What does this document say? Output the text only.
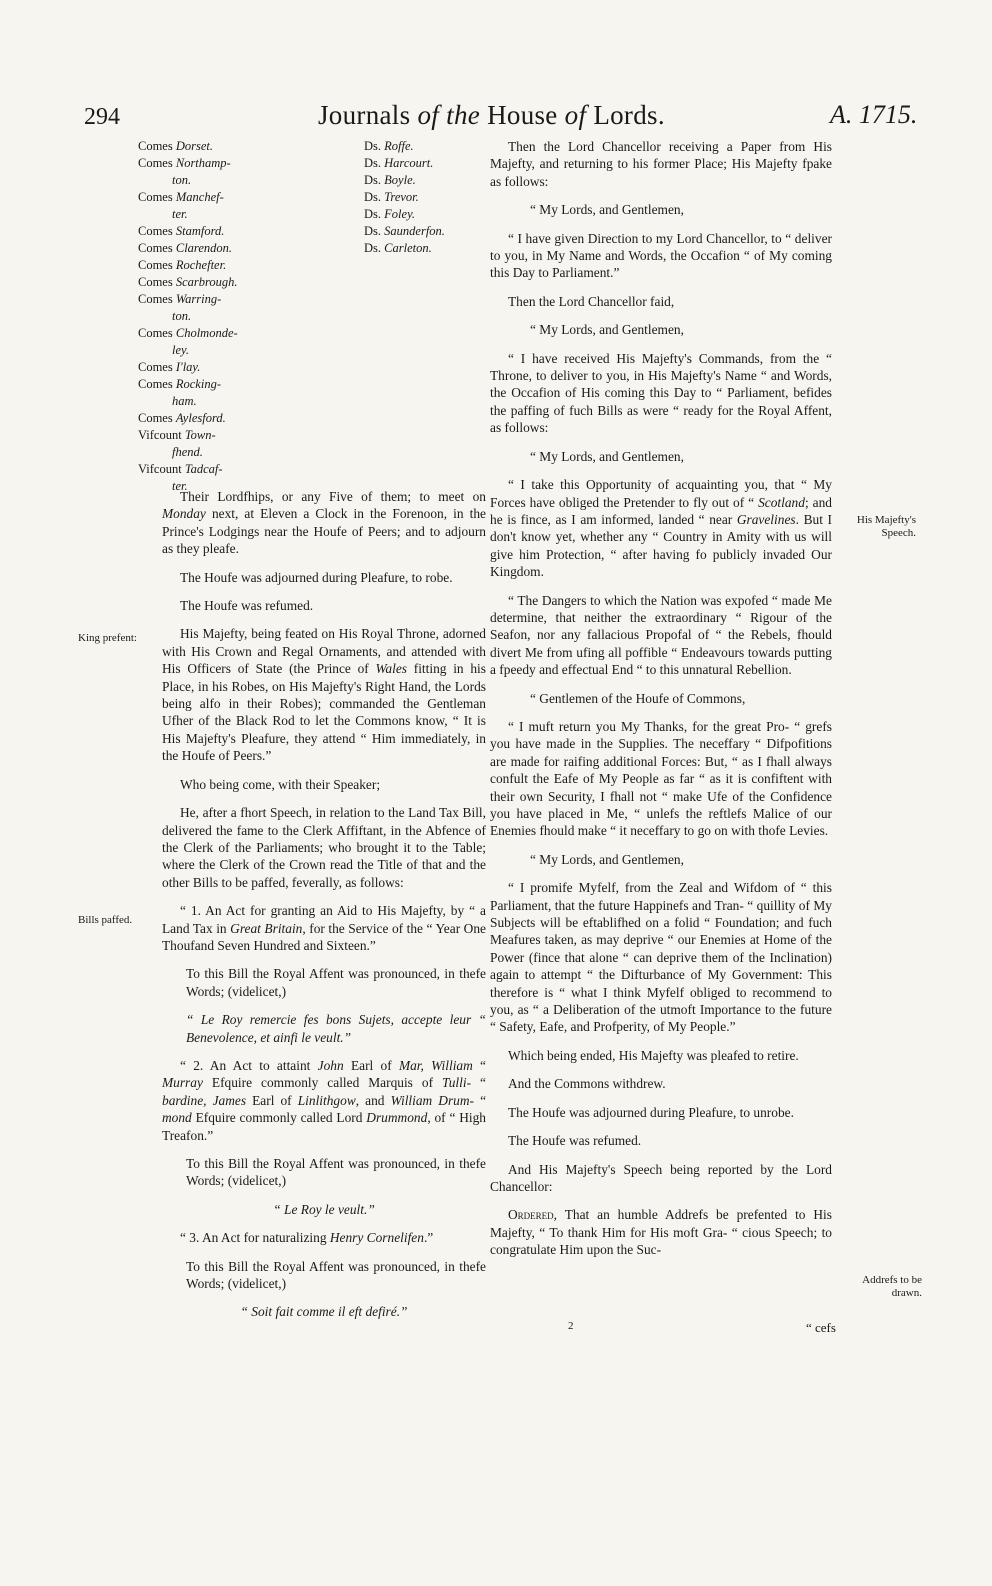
294	Journals of the House of Lords.	A. 1715.
Comes Dorset.
Comes Northamp-
ton.
Comes Manchef-
ter.
Comes Stamford.
Comes Clarendon.
Comes Rochefter.
Comes Scarbrough.
Comes Warring-
ton.
Comes Cholmonde-
ley.
Comes I'lay.
Comes Rocking-
ham.
Comes Aylesford.
Vifcount Town-
fhend.
Vifcount Tadcaf-
ter.
Ds. Roffe.
Ds. Harcourt.
Ds. Boyle.
Ds. Trevor.
Ds. Foley.
Ds. Saunderfon.
Ds. Carleton.

Their Lordfhips, or any Five of them; to meet on Monday next, at Eleven a Clock in the Forenoon, in the Prince's Lodgings near the Houfe of Peers; and to adjourn as they pleafe.

The Houfe was adjourned during Pleafure, to robe.

The Houfe was refumed.

His Majefty, being feated on His Royal Throne, adorned with His Crown and Regal Ornaments, and attended with His Officers of State (the Prince of Wales fitting in his Place, in his Robes, on His Majefty's Right Hand, the Lords being alfo in their Robes); commanded the Gentleman Ufher of the Black Rod to let the Commons know, “ It is His Majefty's Pleafure, they attend “ Him immediately, in the Houfe of Peers.”

Who being come, with their Speaker;

He, after a fhort Speech, in relation to the Land Tax Bill, delivered the fame to the Clerk Affiftant, in the Abfence of the Clerk of the Parliaments; who brought it to the Table; where the Clerk of the Crown read the Title of that and the other Bills to be paffed, feverally, as follows:

“ 1. An Act for granting an Aid to His Majefty, by “ a Land Tax in Great Britain, for the Service of the “ Year One Thoufand Seven Hundred and Sixteen.”

To this Bill the Royal Affent was pronounced, in thefe Words; (videlicet,)

“ Le Roy remercie fes bons Sujets, accepte leur “ Benevolence, et ainfi le veult.”

“ 2. An Act to attaint John Earl of Mar, William “ Murray Efquire commonly called Marquis of Tulli- “ bardine, James Earl of Linlithgow, and William Drum- “ mond Efquire commonly called Lord Drummond, of “ High Treafon.”

To this Bill the Royal Affent was pronounced, in thefe Words; (videlicet,)

“ Le Roy le veult.”

“ 3. An Act for naturalizing Henry Cornelifen.”

To this Bill the Royal Affent was pronounced, in thefe Words; (videlicet,)

“ Soit fait comme il eft defiré.”

Then the Lord Chancellor receiving a Paper from His Majefty, and returning to his former Place; His Majefty fpake as follows:

“ My Lords, and Gentlemen,

“ I have given Direction to my Lord Chancellor, to “ deliver to you, in My Name and Words, the Occafion “ of My coming this Day to Parliament.”

Then the Lord Chancellor faid,

“ My Lords, and Gentlemen,

“ I have received His Majefty's Commands, from the “ Throne, to deliver to you, in His Majefty's Name “ and Words, the Occafion of His coming this Day to “ Parliament, befides the paffing of fuch Bills as were “ ready for the Royal Affent, as follows:

“ My Lords, and Gentlemen,

“ I take this Opportunity of acquainting you, that “ My Forces have obliged the Pretender to fly out of “ Scotland; and he is fince, as I am informed, landed “ near Gravelines. But I don't know yet, whether any “ Country in Amity with us will give him Protection, “ after having fo publicly invaded Our Kingdom.

“ The Dangers to which the Nation was expofed “ made Me determine, that neither the extraordinary “ Rigour of the Seafon, nor any fallacious Propofal of “ the Rebels, fhould divert Me from ufing all poffible “ Endeavours towards putting a fpeedy and effectual End “ to this unnatural Rebellion.

“ Gentlemen of the Houfe of Commons,

“ I muft return you My Thanks, for the great Pro- “ grefs you have made in the Supplies. The neceffary “ Difpofitions are made for raifing additional Forces: But, “ as I fhall always confult the Eafe of My People as far “ as it is confiftent with their own Security, I fhall not “ make Ufe of the Confidence you have placed in Me, “ unlefs the reftlefs Malice of our Enemies fhould make “ it neceffary to go on with thofe Levies.

“ My Lords, and Gentlemen,

“ I promife Myfelf, from the Zeal and Wifdom of “ this Parliament, that the future Happinefs and Tran- “ quillity of My Subjects will be eftablifhed on a folid “ Foundation; and fuch Meafures taken, as may deprive “ our Enemies at Home of the Power (fince that alone “ can deprive them of the Inclination) again to attempt “ the Difturbance of My Government: This therefore is “ what I think Myfelf obliged to recommend to you, as “ a Deliberation of the utmoft Importance to the future “ Safety, Eafe, and Profperity, of My People.”

Which being ended, His Majefty was pleafed to retire.

And the Commons withdrew.

The Houfe was adjourned during Pleafure, to unrobe.

The Houfe was refumed.

And His Majefty's Speech being reported by the Lord Chancellor:

Ordered, That an humble Addrefs be prefented to His Majefty, “ To thank Him for His moft Gra- “ cious Speech; to congratulate Him upon the Suc-

King prefent:
Bills paffed.
His Majefty's
Speech.
Addrefs to be
drawn.
2	“ cefs
